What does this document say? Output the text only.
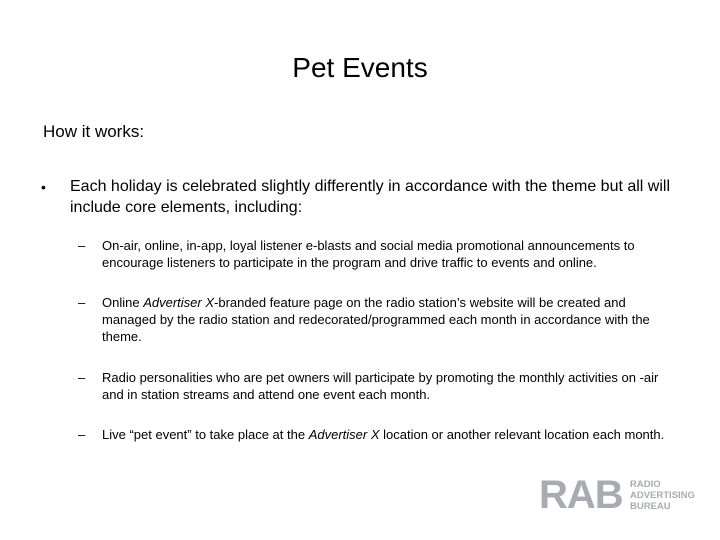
Pet Events
How it works:
• Each holiday is celebrated slightly differently in accordance with the theme but all will include core elements, including:
–	On-air, online, in-app, loyal listener e-blasts and social media promotional announcements to encourage listeners to participate in the program and drive traffic to events and online.
–	Online Advertiser X-branded feature page on the radio station’s website will be created and managed by the radio station and redecorated/programmed each month in accordance with the theme.
–	Radio personalities who are pet owners will participate by promoting the monthly activities on -air and in station streams and attend one event each month.
–	Live “pet event” to take place at the Advertiser X location or another relevant location each month.
RAB RADIO
ADVERTISING
BUREAU
